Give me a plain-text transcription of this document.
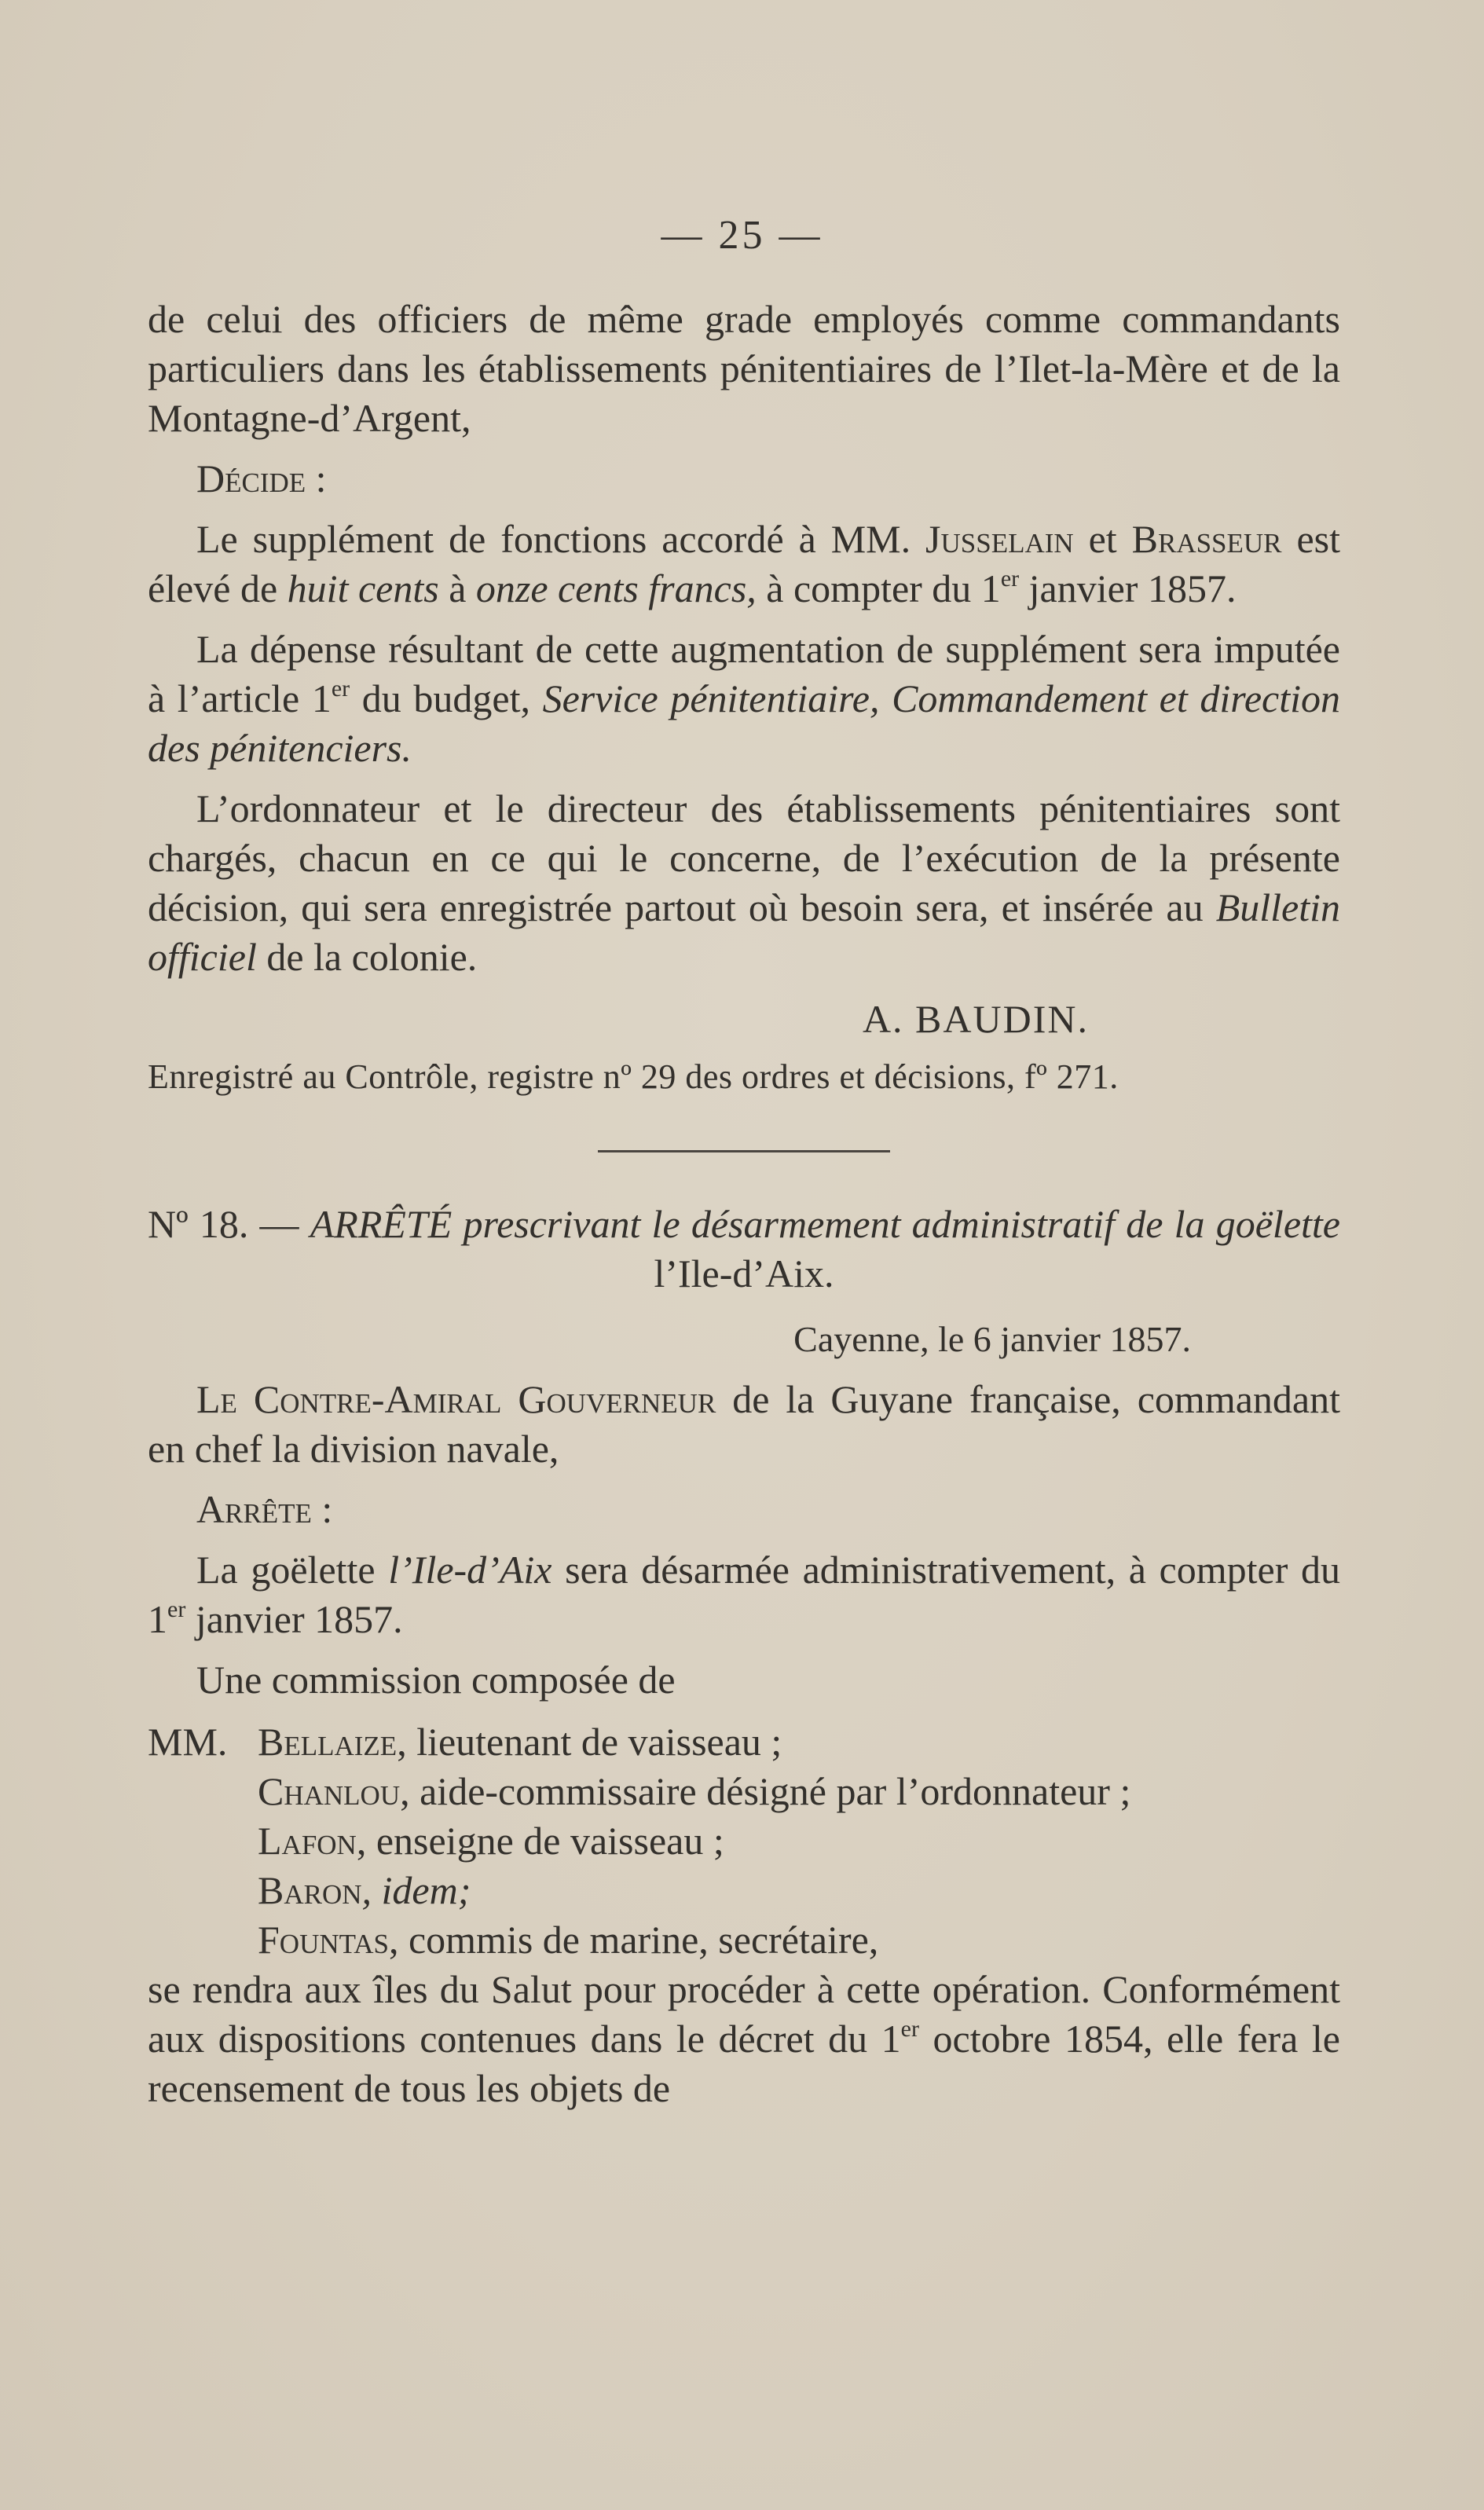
— 25 —

de celui des officiers de même grade employés comme commandants particuliers dans les établissements pénitentiaires de l’Ilet-la-Mère et de la Montagne-d’Argent,

Décide :

Le supplément de fonctions accordé à MM. Jusselain et Brasseur est élevé de huit cents à onze cents francs, à compter du 1er janvier 1857.

La dépense résultant de cette augmentation de supplément sera imputée à l’article 1er du budget, Service pénitentiaire, Commandement et direction des pénitenciers.

L’ordonnateur et le directeur des établissements pénitentiaires sont chargés, chacun en ce qui le concerne, de l’exécution de la présente décision, qui sera enregistrée partout où besoin sera, et insérée au Bulletin officiel de la colonie.

A. BAUDIN.

Enregistré au Contrôle, registre nº 29 des ordres et décisions, fº 271.

Nº 18. — ARRÊTÉ prescrivant le désarmement administratif de la goëlette l’Ile-d’Aix.

Cayenne, le 6 janvier 1857.

Le Contre-Amiral Gouverneur de la Guyane française, commandant en chef la division navale,

Arrête :

La goëlette l’Ile-d’Aix sera désarmée administrativement, à compter du 1er janvier 1857.

Une commission composée de

MM. Bellaize, lieutenant de vaisseau ;
Chanlou, aide-commissaire désigné par l’ordonnateur ;
Lafon, enseigne de vaisseau ;
Baron, idem;
Fountas, commis de marine, secrétaire,

se rendra aux îles du Salut pour procéder à cette opération. Conformément aux dispositions contenues dans le décret du 1er octobre 1854, elle fera le recensement de tous les objets de
